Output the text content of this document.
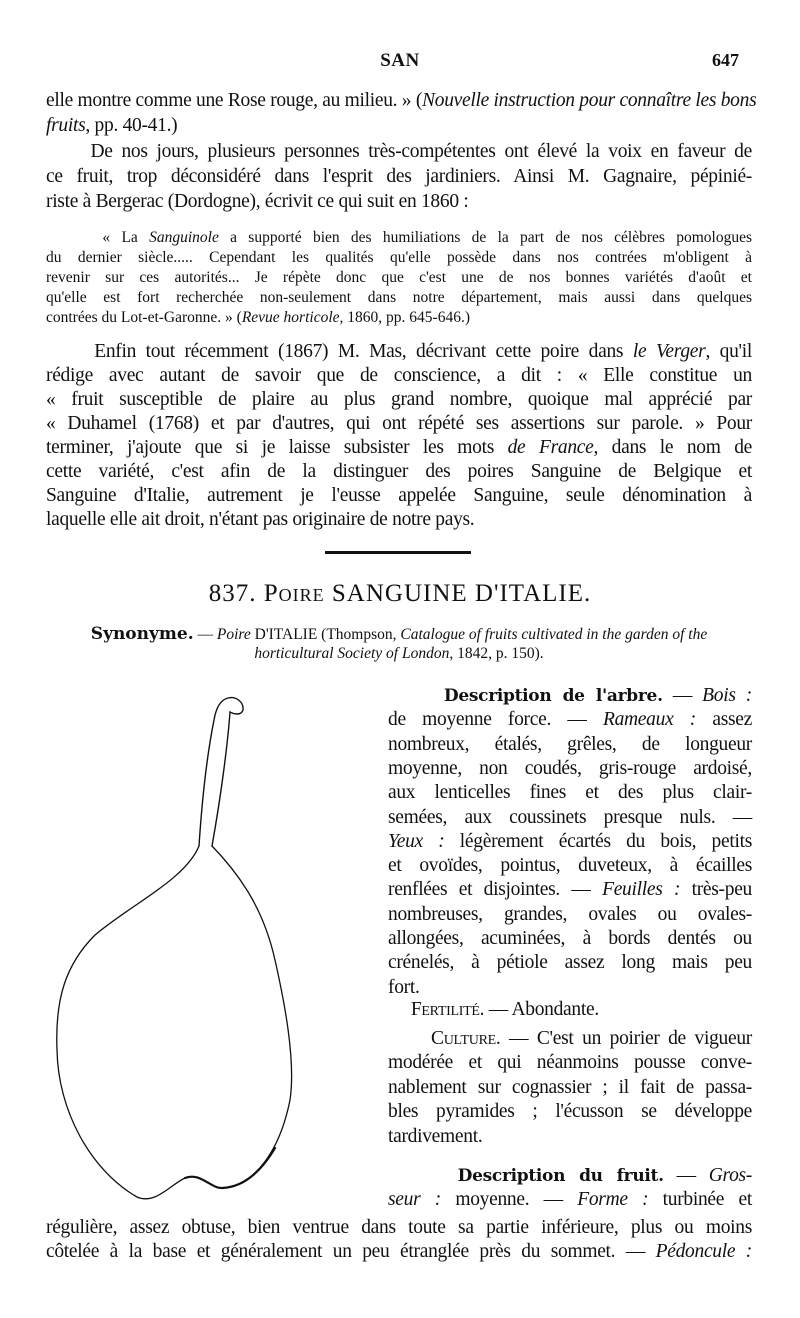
SAN	647
elle montre comme une Rose rouge, au milieu. » (Nouvelle instruction pour connaître les bons
fruits, pp. 40-41.)
De nos jours, plusieurs personnes très-compétentes ont élevé la voix en faveur de
ce fruit, trop déconsidéré dans l'esprit des jardiniers. Ainsi M. Gagnaire, pépinié-
riste à Bergerac (Dordogne), écrivit ce qui suit en 1860 :
« La Sanguinole a supporté bien des humiliations de la part de nos célèbres pomologues
du dernier siècle..... Cependant les qualités qu'elle possède dans nos contrées m'obligent à
revenir sur ces autorités... Je répète donc que c'est une de nos bonnes variétés d'août et
qu'elle est fort recherchée non-seulement dans notre département, mais aussi dans quelques
contrées du Lot-et-Garonne. » (Revue horticole, 1860, pp. 645-646.)
Enfin tout récemment (1867) M. Mas, décrivant cette poire dans le Verger, qu'il
rédige avec autant de savoir que de conscience, a dit : « Elle constitue un
« fruit susceptible de plaire au plus grand nombre, quoique mal apprécié par
« Duhamel (1768) et par d'autres, qui ont répété ses assertions sur parole. » Pour
terminer, j'ajoute que si je laisse subsister les mots de France, dans le nom de
cette variété, c'est afin de la distinguer des poires Sanguine de Belgique et
Sanguine d'Italie, autrement je l'eusse appelée Sanguine, seule dénomination à
laquelle elle ait droit, n'étant pas originaire de notre pays.
Synonyme. — Poire D'ITALIE (Thompson, Catalogue of fruits cultivated in the garden of the
horticultural Society of London, 1842, p. 150).
Description de l'arbre. — Bois :
de moyenne force. — Rameaux : assez
nombreux, étalés, grêles, de longueur
moyenne, non coudés, gris-rouge ardoisé,
aux lenticelles fines et des plus clair-
semées, aux coussinets presque nuls. —
Yeux : légèrement écartés du bois, petits
et ovoïdes, pointus, duveteux, à écailles
renflées et disjointes. — Feuilles : très-peu
nombreuses, grandes, ovales ou ovales-
allongées, acuminées, à bords dentés ou
crénelés, à pétiole assez long mais peu
fort.
Fertilité. — Abondante.
Culture. — C'est un poirier de vigueur
modérée et qui néanmoins pousse conve-
nablement sur cognassier ; il fait de passa-
bles pyramides ; l'écusson se développe
tardivement.
Description du fruit. — Gros-
seur : moyenne. — Forme : turbinée et
régulière, assez obtuse, bien ventrue dans toute sa partie inférieure, plus ou moins
côtelée à la base et généralement un peu étranglée près du sommet. — Pédoncule :
837. Poire SANGUINE D'ITALIE.
